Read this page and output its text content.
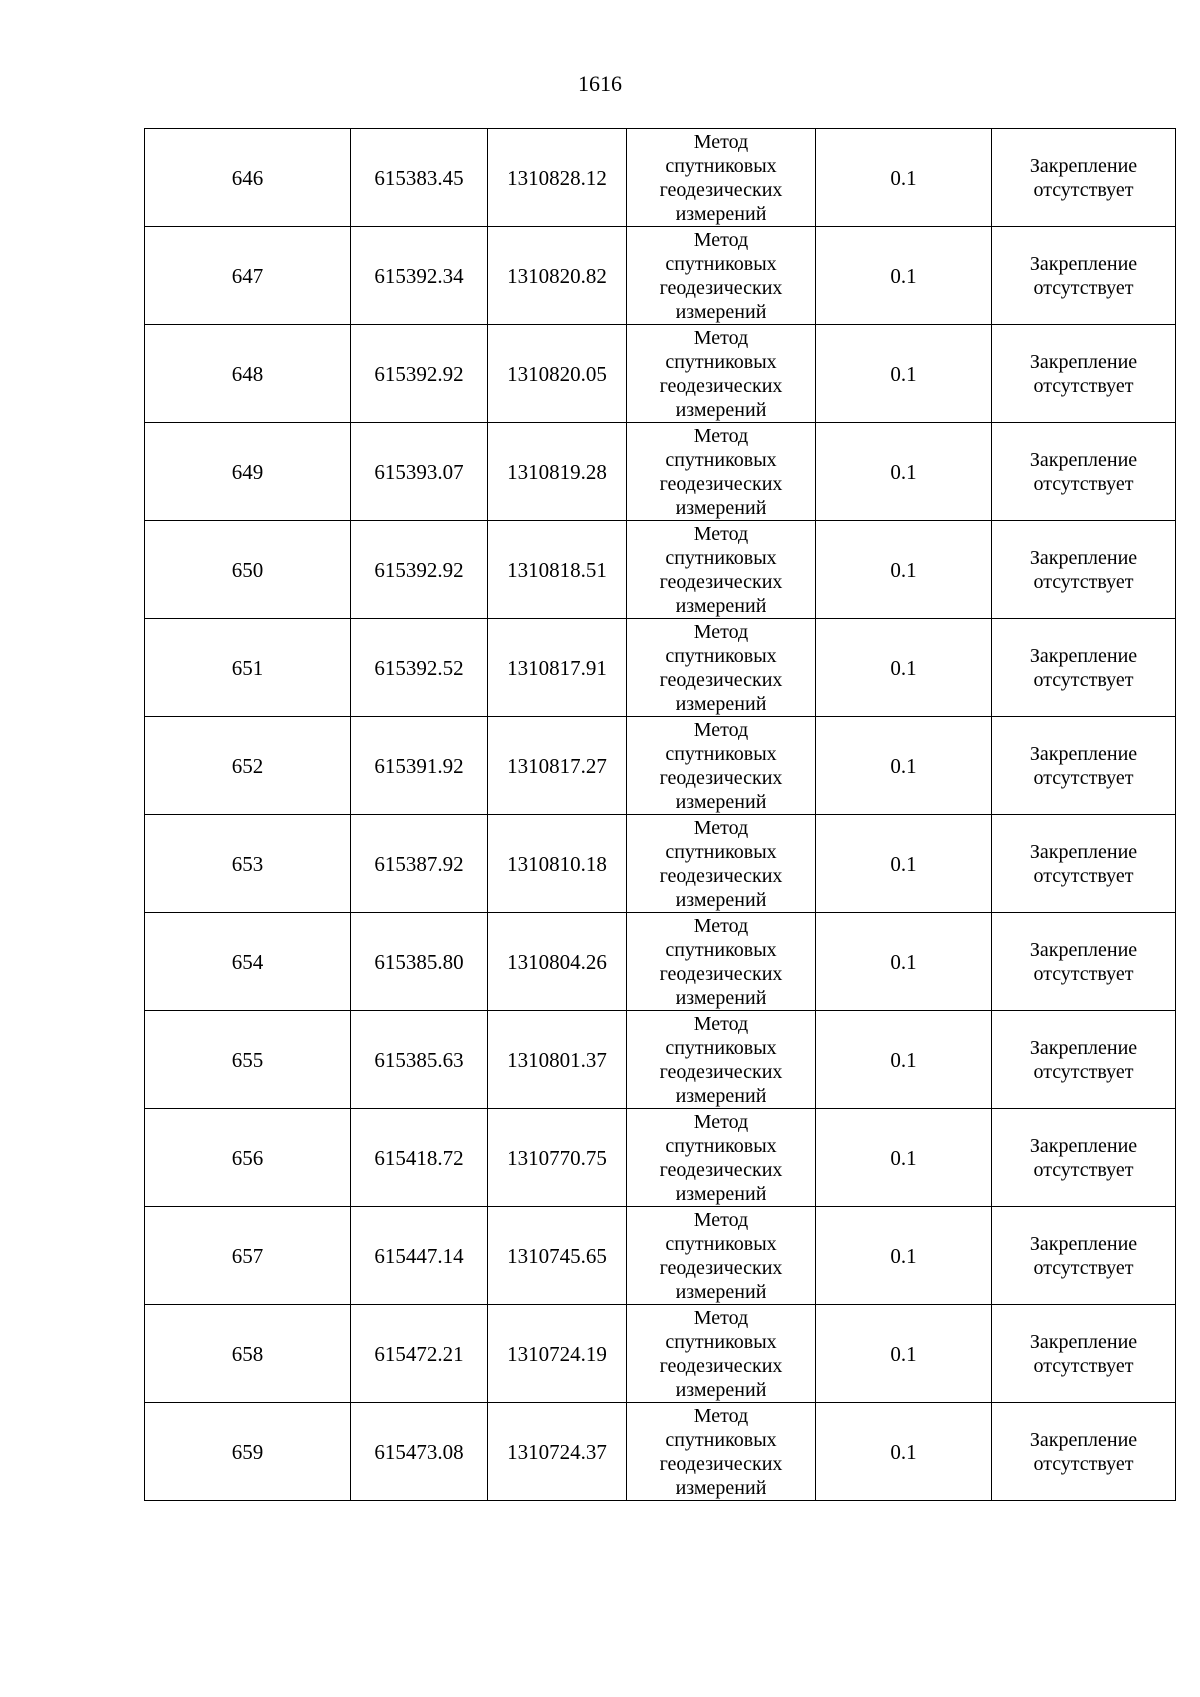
1616
646	615383.45	1310828.12	Метод
спутниковых
геодезических
измерений	0.1	Закрепление
отсутствует

647	615392.34	1310820.82	Метод
спутниковых
геодезических
измерений	0.1	Закрепление
отсутствует

648	615392.92	1310820.05	Метод
спутниковых
геодезических
измерений	0.1	Закрепление
отсутствует

649	615393.07	1310819.28	Метод
спутниковых
геодезических
измерений	0.1	Закрепление
отсутствует

650	615392.92	1310818.51	Метод
спутниковых
геодезических
измерений	0.1	Закрепление
отсутствует

651	615392.52	1310817.91	Метод
спутниковых
геодезических
измерений	0.1	Закрепление
отсутствует

652	615391.92	1310817.27	Метод
спутниковых
геодезических
измерений	0.1	Закрепление
отсутствует

653	615387.92	1310810.18	Метод
спутниковых
геодезических
измерений	0.1	Закрепление
отсутствует

654	615385.80	1310804.26	Метод
спутниковых
геодезических
измерений	0.1	Закрепление
отсутствует

655	615385.63	1310801.37	Метод
спутниковых
геодезических
измерений	0.1	Закрепление
отсутствует

656	615418.72	1310770.75	Метод
спутниковых
геодезических
измерений	0.1	Закрепление
отсутствует

657	615447.14	1310745.65	Метод
спутниковых
геодезических
измерений	0.1	Закрепление
отсутствует

658	615472.21	1310724.19	Метод
спутниковых
геодезических
измерений	0.1	Закрепление
отсутствует

659	615473.08	1310724.37	Метод
спутниковых
геодезических
измерений	0.1	Закрепление
отсутствует
